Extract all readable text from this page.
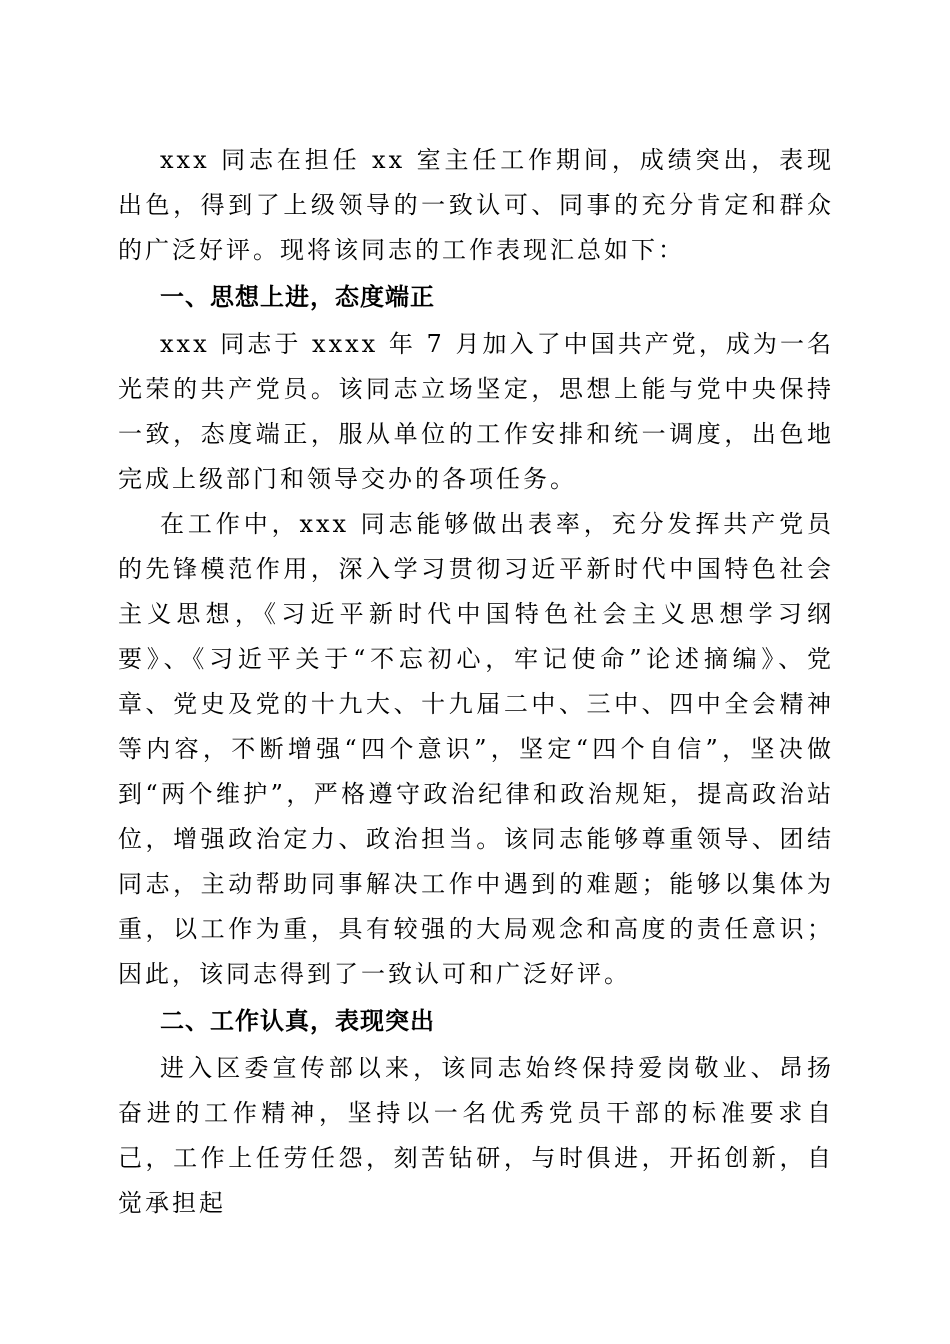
xxx 同志在担任 xx 室主任工作期间，成绩突出，表现出色，得到了上级领导的一致认可、同事的充分肯定和群众的广泛好评。现将该同志的工作表现汇总如下：

一、思想上进，态度端正

xxx 同志于 xxxx 年 7 月加入了中国共产党，成为一名光荣的共产党员。该同志立场坚定，思想上能与党中央保持一致，态度端正，服从单位的工作安排和统一调度，出色地完成上级部门和领导交办的各项任务。

在工作中，xxx 同志能够做出表率，充分发挥共产党员的先锋模范作用，深入学习贯彻习近平新时代中国特色社会主义思想，《习近平新时代中国特色社会主义思想学习纲要》、《习近平关于“不忘初心，牢记使命”论述摘编》、党章、党史及党的十九大、十九届二中、三中、四中全会精神等内容，不断增强“四个意识”，坚定“四个自信”，坚决做到“两个维护”，严格遵守政治纪律和政治规矩，提高政治站位，增强政治定力、政治担当。该同志能够尊重领导、团结同志，主动帮助同事解决工作中遇到的难题；能够以集体为重，以工作为重，具有较强的大局观念和高度的责任意识；因此，该同志得到了一致认可和广泛好评。

二、工作认真，表现突出

进入区委宣传部以来，该同志始终保持爱岗敬业、昂扬奋进的工作精神，坚持以一名优秀党员干部的标准要求自己，工作上任劳任怨，刻苦钻研，与时俱进，开拓创新，自觉承担起
